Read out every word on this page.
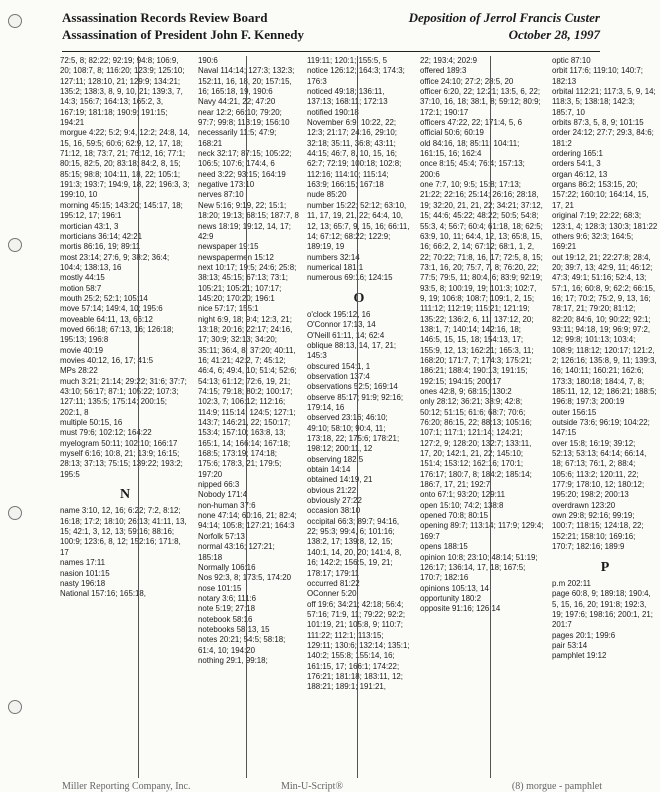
Assassination Records Review Board
Assassination of President John F. Kennedy
Deposition of Jerrol Francis Custer
October 28, 1997
72:5, 8; 82:22; 92:19; 94:8; 106:9, 20; 108:7, 8; 116:20; 123:9; 125:10; 127:11; 128:10, 21; 129:9; 134:21; 135:2; 138:3, 8, 9, 10, 21; 139:3, 7, 14:3; 156:7; 164:13; 165:2, 3, 167:19; 181:18; 190:9; 191:15; 194:21
morgue 4:22; 5:2; 9:4, 12:2; 24:8, 14, 15, 16, 59:5; 60:6; 62:9, 12, 17, 18; 71:12, 18; 73:7, 21; 76:12, 16; 77:1; 80:15, 82:5, 20; 83:18; 84:2, 8, 15; 85:15; 98:8; 104:11, 18, 22; 105:1; 191:3; 193:7; 194:9, 18, 22; 196:3, 3; 199:10, 10
morning 45:15; 143:20; 145:17, 18; 195:12, 17; 196:1
mortician 43:1, 3
morticians 36:14; 42:21
mortis 86:16, 19; 89:11
most 23:14; 27:6, 9; 38:2; 36:4; 104:4; 138:13, 16
mostly 44:15
motion 58:7
mouth 25:2; 52:1; 105:14
move 57:14; 149:4, 10; 195:6
moveable 64:11, 13, 66:12
moved 66:18; 67:13, 16; 126:18; 195:13; 196:8
movie 40:19
movies 40:12, 16, 17; 41:5
MPs 28:22
much 3:21; 21:14; 29:22; 31:6; 37:7; 43:10; 56:17; 87:1; 105:22; 107:3; 127:11; 135:5; 175:14; 200:15; 202:1, 8
multiple 50:15, 16
must 79:6; 102:12; 164:22
myelogram 50:11; 102:10; 166:17
myself 6:16; 10:8, 21; 13:9; 16:15; 28:13; 37:13; 75:15; 139:22; 193:2; 195:5
N
name 3:10, 12, 16; 6:22; 7:2, 8:12; 16:18; 17:2; 18:10; 26:13; 41:11, 13, 15; 42:1, 3, 12, 13; 59:16; 88:16; 100:9; 123:6, 8, 12; 152:16; 171:8, 17
names 17:11
nasion 101:15
nasty 196:18
National 157:16; 165:18,
190:6
Naval 114:14; 127:3; 132:3; 152:11, 16, 18, 20; 157:15, 16; 165:18, 19, 190:6
Navy 44:21, 22; 47:20
near 12:2; 66:10; 79:20; 97:7; 99:8; 113:19; 156:10
necessarily 11:5; 47:9; 168:21
neck 32:17; 87:15; 105:22; 106:5; 107:6; 174:4, 6
need 3:22; 93:15; 164:19
negative 173:10
nerves 87:10
New 5:16; 9:19, 22; 15:1; 18:20; 19:13; 68:15; 187:7, 8
news 18:19; 19:12, 14, 17; 42:9
newspaper 19:15
newspapermen 15:12
next 10:17; 19:5; 24:6; 25:8; 38:13; 45:15; 67:13; 73:1; 105:21; 105:21; 107:17; 145:20; 170:20; 196:1
nice 57:17; 155:1
night 6:9, 18; 9:4; 12:3, 21; 13:18; 20:16; 22:17; 24:16, 17; 30:9; 32:13; 34:20; 35:11; 36:4, 8; 37:20; 40:11, 16; 41:21; 42:2, 7; 45:12; 46:4, 6; 49:4, 10; 51:4; 52:6; 54:13; 61:12; 72:6, 19, 21; 74:15; 79:18; 80:2; 100:17; 102:3, 7; 106:12; 112:16; 114:9; 115:14; 124:5; 127:1; 143:7; 146:21, 22; 150:17; 153:4; 157:10; 163:8, 13; 165:1, 14; 166:14; 167:18; 168:5; 173:19; 174:18; 175:6; 178:3, 21; 179:5; 197:20
nipped 66:3
Nobody 171:4
non-human 37:6
none 47:14; 60:16, 21; 82:4; 94:14; 105:8; 127:21; 164:3
Norfolk 57:13
normal 43:16; 127:21; 185:18
Normally 106:16
Nos 92:3, 8; 173:5, 174:20
nose 101:15
notary 3:6; 111:6
note 5:19; 27:18
notebook 58:16
notebooks 58:13, 15
notes 20:21; 54:5; 58:18; 61:4, 10; 194:20
nothing 29:1, 99:18;
119:11; 120:1; 155:5, 5
notice 126:12; 164:3; 174:3; 176:3
noticed 49:18; 136:11, 137:13; 168:11; 172:13
notified 190:18
November 6:9, 10:22, 22; 12:3; 21:17; 24:16, 29:10; 32:18; 35:11, 36:8; 43:11; 44:15; 46:7, 8, 10, 15, 16; 62:7; 72:19; 100:18; 102:8; 112:16; 114:10; 115:14; 163:9; 166:15; 167:18
nude 85:20
number 15:22; 52:12; 63:10, 11, 17, 19, 21, 22; 64:4, 10, 12, 13; 65:7, 9, 15, 16; 66:11, 14; 67:12; 68:22; 122:9; 189:19, 19
numbers 32:14
numerical 181:1
numerous 69:16; 124:15
O
o'clock 195:12, 16
O'Connor 17:13, 14
O'Neill 61:11, 14; 62:4
oblique 88:13, 14, 17, 21; 145:3
obscured 154:1, 1
observation 137:4
observations 52:5; 169:14
observe 85:17; 91:9; 92:16; 179:14, 16
observed 23:16; 46:10; 49:10; 58:10; 90:4, 11; 173:18, 22; 175:6; 178:21; 198:12; 200:11, 12
observing 182:5
obtain 14:14
obtained 14:19, 21
obvious 21:22
obviously 27:22
occasion 38:10
occipital 66:3; 89:7; 94:16, 22; 95:3; 99:4, 6; 101:16; 138:2, 17; 139:8, 12, 15; 140:1, 14, 20, 20; 141:4, 8, 16; 142:2; 156:5, 19, 21; 178:17; 179:11
occurred 81:22
OConner 5:20
off 19:6; 34:21; 42:18; 56:4; 57:16; 71:9, 11; 79:22; 92:2; 101:19, 21; 105:8, 9; 110:7; 111:22; 112:1; 113:15; 129:11; 130:6; 132:14; 135:1; 140:2; 155:8; 155:14, 16; 161:15, 17; 166:1; 174:22; 176:21; 181:18; 183:11, 12; 188:21; 189:1; 191:21,
22; 193:4; 202:9
offered 189:3
office 24:10; 27:2; 28:5, 20
officer 6:20, 22; 12:21; 13:5, 6, 22; 37:10, 16, 18; 38:1, 8; 59:12; 80:9; 172:1; 190:17
officers 47:22, 22; 171:4, 5, 6
official 50:6; 60:19
old 84:16, 18; 85:11; 104:11; 161:15, 16; 162:4
once 8:15; 45:4; 76:4; 157:13; 200:6
one 7:7, 10; 9:5; 15:8; 17:13; 21:22; 22:16; 25:14; 26:16; 28:18, 19; 32:20, 21, 21, 22; 34:21; 37:12, 15; 44:6; 45:22; 48:22; 50:5; 54:8; 55:3, 4; 56:7; 60:4; 61:18, 18; 62:5; 63:9, 10, 11; 64:4, 12, 13; 65:8, 15, 16; 66:2, 2, 14; 67:12; 68:1, 1, 2, 22; 70:22; 71:8, 16, 17; 72:5, 8, 15; 73:1, 16, 20; 75:7, 7, 8; 76:20, 22; 77:5; 79:5, 11; 80:4, 6; 83:9; 92:19; 93:5, 8; 100:19, 19; 101:3; 102:7, 9, 19; 106:8; 108:7; 109:1, 2, 15; 111:12; 112:19; 115:21; 121:19; 135:22; 136:2, 6, 11; 137:12, 20; 138:1, 7; 140:14; 142:16, 18; 146:5, 15, 15, 18; 154:13, 17; 155:9, 12, 13; 162:21; 165:3, 11; 168:20; 171:7, 7; 174:3; 175:21; 186:21; 188:4; 190:13; 191:15; 192:15; 194:15; 200:17
ones 42:8, 9; 68:15; 130:2
only 28:12; 36:21; 38:9; 42:8; 50:12; 51:15; 61:6; 68:7; 70:6; 76:20; 86:15, 22; 88:13; 105:16; 107:1; 117:1; 121:14; 124:21; 127:2, 9; 128:20; 132:7; 133:11, 17, 20; 142:1, 21, 22; 145:10; 151:4; 153:12; 162:16; 170:1; 176:17; 180:7, 8; 184:2; 185:14; 186:7, 17, 21; 192:7
onto 67:1; 93:20; 129:11
open 15:10; 74:2; 138:8
opened 70:8; 80:15
opening 89:7; 113:14; 117:9; 129:4; 169:7
opens 188:15
opinion 10:8; 23:10; 48:14; 51:19; 126:17; 136:14, 17, 18; 167:5; 170:7; 182:16
opinions 105:13, 14
opportunity 180:2
opposite 91:16; 126:14
optic 87:10
orbit 117:6; 119:10; 140:7; 182:13
orbital 112:21; 117:3, 5, 9, 14; 118:3, 5; 138:18; 142:3; 185:7, 10
orbits 87:3, 5, 8, 9; 101:15
order 24:12; 27:7; 29:3, 84:6; 181:2
ordering 165:1
orders 54:1, 3
organ 46:12, 13
organs 86:2; 153:15, 20; 157:22; 160:10; 164:14, 15, 17, 21
original 7:19; 22:22; 68:3; 123:1, 4; 128:3; 130:3; 181:22
others 9:6; 32:3; 164:5; 169:21
out 19:12, 21; 22:27:8; 28:4, 20; 39:7, 13; 42:9, 11; 46:12; 47:3; 49:1; 51:16; 52:4, 13; 57:1, 16; 60:8, 9; 62:2; 66:15, 16; 17; 70:2; 75:2, 9, 13, 16; 78:17, 21; 79:20; 81:12; 82:20; 84:6, 10; 90:22; 92:1; 93:11; 94:18, 19; 96:9; 97:2, 12; 99:8; 101:13; 103:4; 108:9; 118:12; 120:17; 121:2, 2; 126:16; 135:8, 9, 11; 139:3, 16; 140:11; 160:21; 162:6; 173:3; 180:18; 184:4, 7, 8; 185:11, 12, 12; 186:21; 188:5; 196:8; 197:3; 200:19
outer 156:15
outside 73:6; 96:19; 104:22; 147:15
over 15:8; 16:19; 39:12; 52:13; 53:13; 64:14; 66:14, 18; 67:13; 76:1, 2; 88:4; 105:6; 113:2; 120:11, 22; 177:9; 178:10, 12; 180:12; 195:20; 198:2; 200:13
overdrawn 123:20
own 29:8; 92:16; 99:19; 100:7; 118:15; 124:18, 22; 152:21; 158:10; 169:16; 170:7; 182:16; 189:9
P
p.m 202:11
page 60:8, 9; 189:18; 190:4, 5, 15, 16, 20; 191:8; 192:3, 19; 197:6; 198:16; 200:1, 21; 201:7
pages 20:1; 199:6
pair 53:14
pamphlet 19:12
Miller Reporting Company, Inc.	Min-U-Script®	(8) morgue - pamphlet
